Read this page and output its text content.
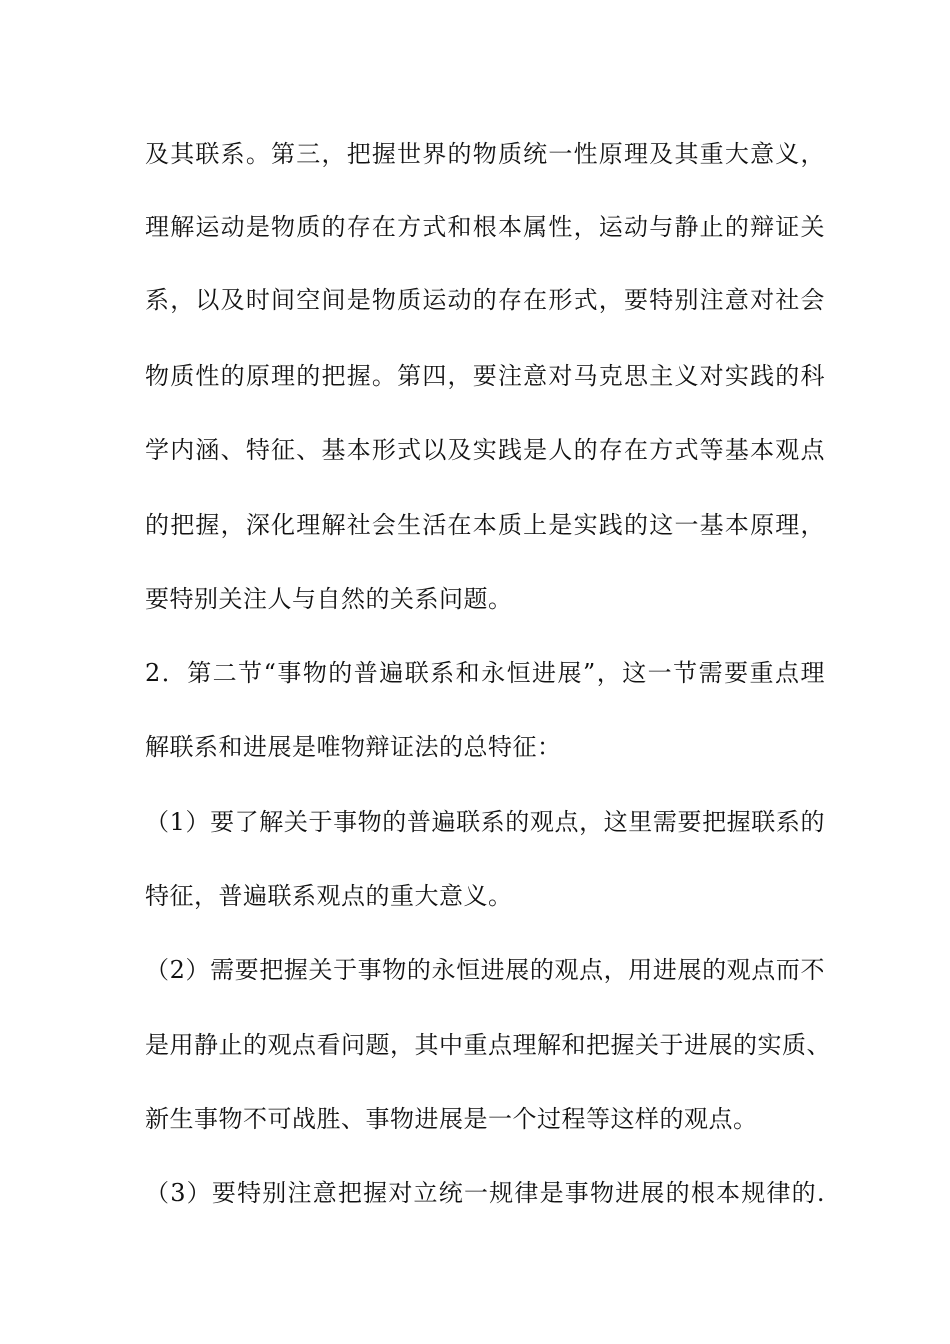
及其联系。第三，把握世界的物质统一性原理及其重大意义，
理解运动是物质的存在方式和根本属性，运动与静止的辩证关
系，以及时间空间是物质运动的存在形式，要特别注意对社会
物质性的原理的把握。第四，要注意对马克思主义对实践的科
学内涵、特征、基本形式以及实践是人的存在方式等基本观点
的把握，深化理解社会生活在本质上是实践的这一基本原理，
要特别关注人与自然的关系问题。
2．第二节“事物的普遍联系和永恒进展”，这一节需要重点理
解联系和进展是唯物辩证法的总特征：
（1）要了解关于事物的普遍联系的观点，这里需要把握联系的
特征，普遍联系观点的重大意义。
（2）需要把握关于事物的永恒进展的观点，用进展的观点而不
是用静止的观点看问题，其中重点理解和把握关于进展的实质、
新生事物不可战胜、事物进展是一个过程等这样的观点。
（3）要特别注意把握对立统一规律是事物进展的根本规律的.
